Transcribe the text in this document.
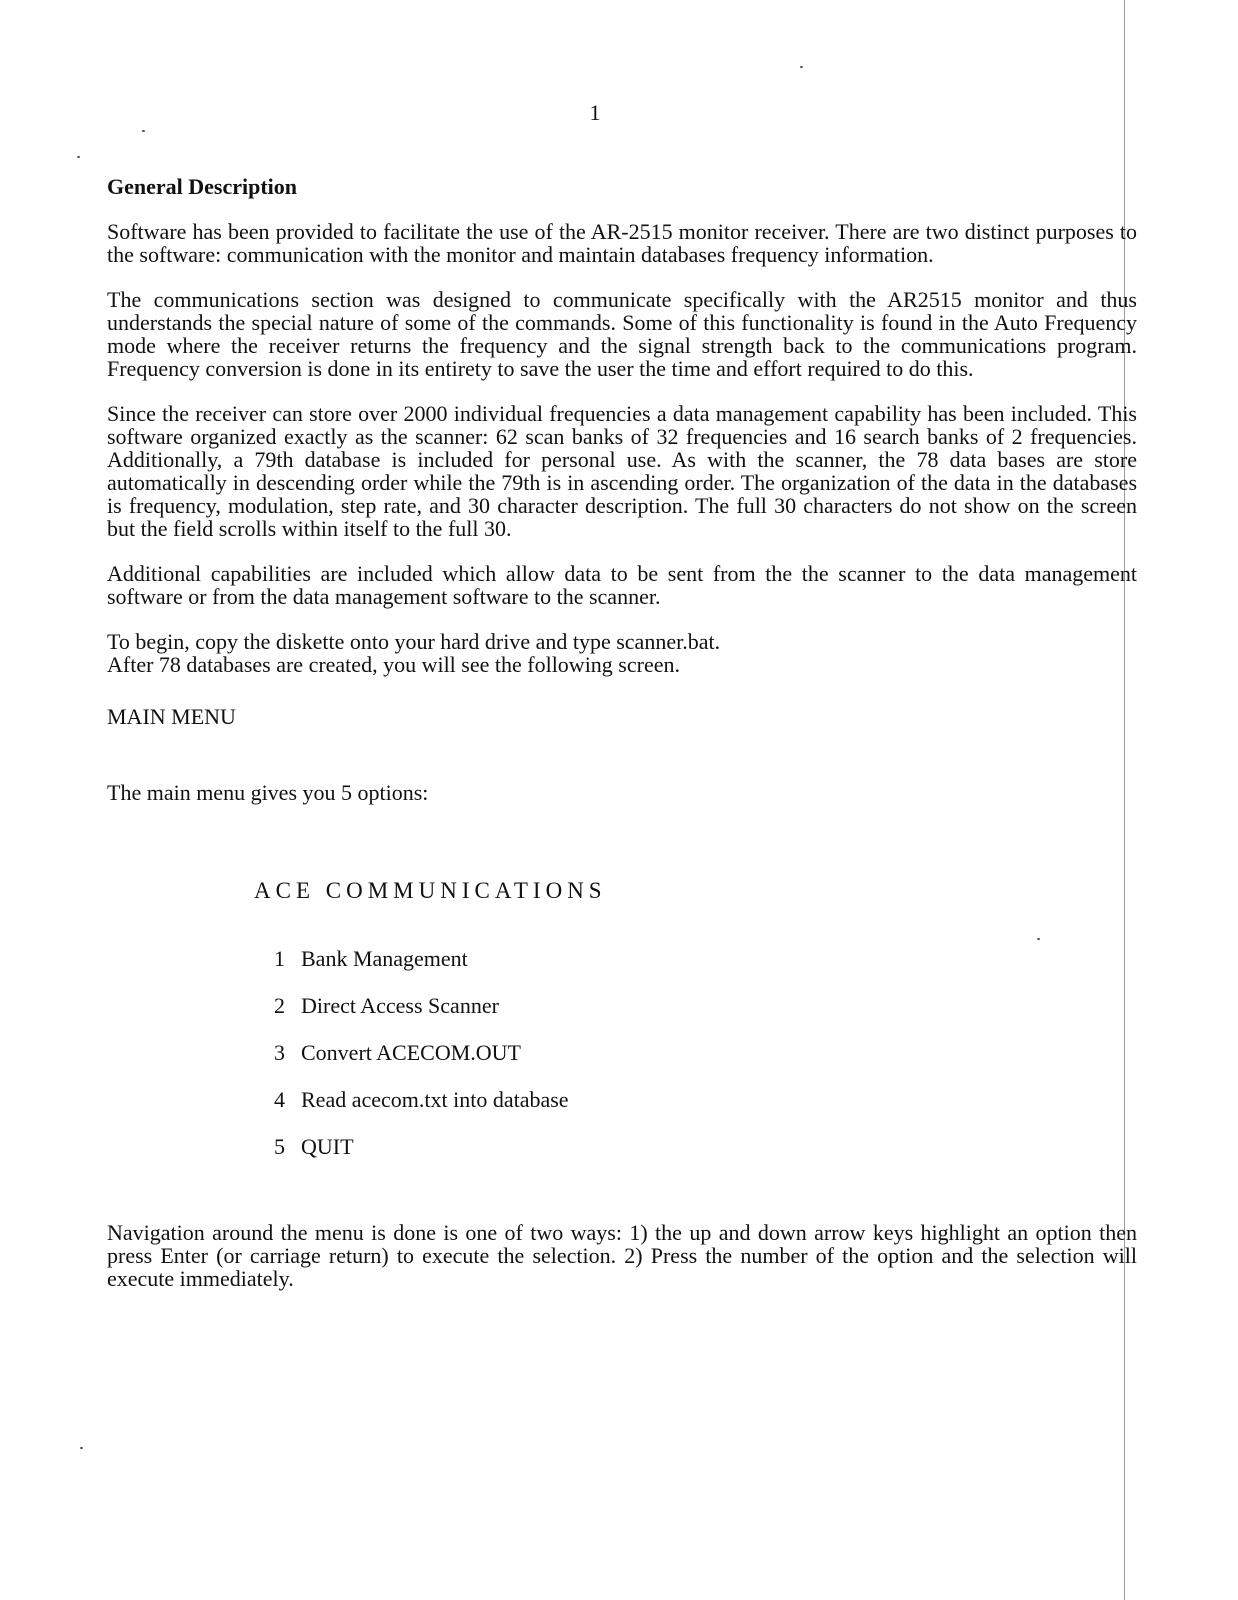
1
General Description

Software has been provided to facilitate the use of the AR-2515 monitor receiver. There are two distinct purposes to the software: communication with the monitor and maintain databases frequency information.

The communications section was designed to communicate specifically with the AR2515 monitor and thus understands the special nature of some of the commands. Some of this functionality is found in the Auto Frequency mode where the receiver returns the frequency and the signal strength back to the communications program. Frequency conversion is done in its entirety to save the user the time and effort required to do this.

Since the receiver can store over 2000 individual frequencies a data management capability has been included. This software organized exactly as the scanner: 62 scan banks of 32 frequencies and 16 search banks of 2 frequencies. Additionally, a 79th database is included for personal use. As with the scanner, the 78 data bases are store automatically in descending order while the 79th is in ascending order. The organization of the data in the databases is frequency, modulation, step rate, and 30 character description. The full 30 characters do not show on the screen but the field scrolls within itself to the full 30.

Additional capabilities are included which allow data to be sent from the the scanner to the data management software or from the data management software to the scanner.

To begin, copy the diskette onto your hard drive and type scanner.bat.
After 78 databases are created, you will see the following screen.
MAIN MENU
The main menu gives you 5 options:
ACE COMMUNICATIONS
1 Bank Management
2 Direct Access Scanner
3 Convert ACECOM.OUT
4 Read acecom.txt into database
5 QUIT

Navigation around the menu is done is one of two ways: 1) the up and down arrow keys highlight an option then press Enter (or carriage return) to execute the selection. 2) Press the number of the option and the selection will execute immediately.
